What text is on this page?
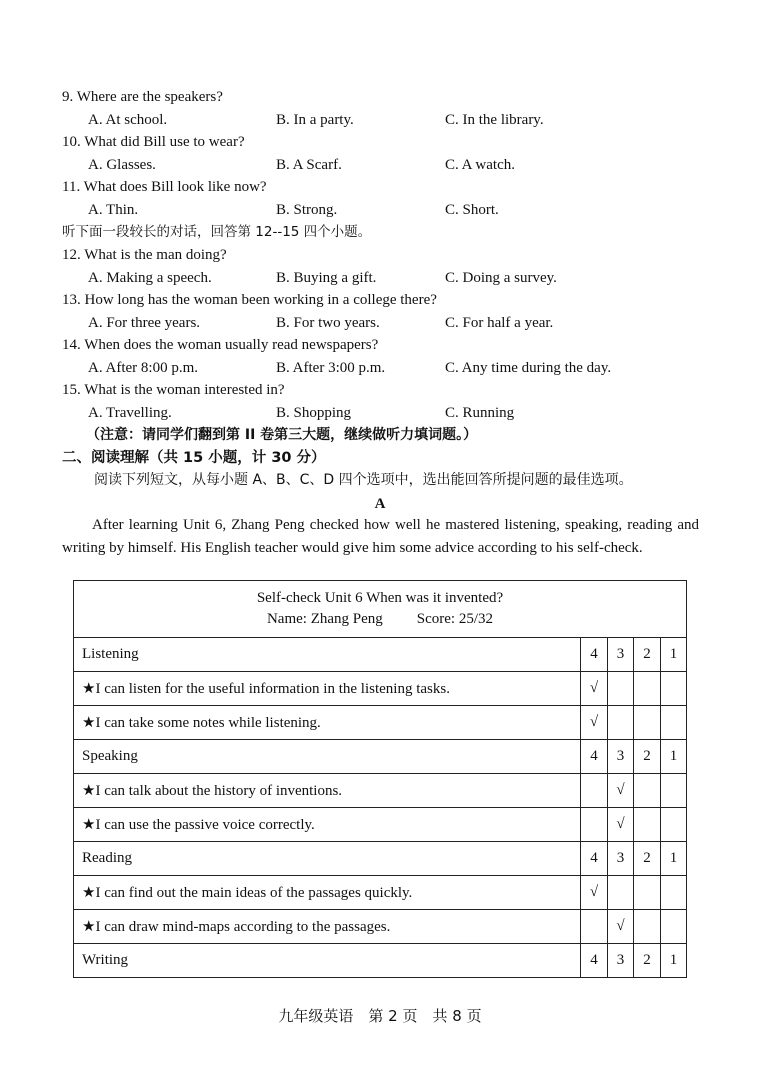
9. Where are the speakers?
A. At school.	B. In a party.	C. In the library.
10. What did Bill use to wear?
A. Glasses.	B. A Scarf.	C. A watch.
11. What does Bill look like now?
A. Thin.	B. Strong.	C. Short.
听下面一段较长的对话，回答第 12--15 四个小题。
12. What is the man doing?
A. Making a speech.	B. Buying a gift.	C. Doing a survey.
13. How long has the woman been working in a college there?
A. For three years.	B. For two years.	C. For half a year.
14. When does the woman usually read newspapers?
A. After 8:00 p.m.	B. After 3:00 p.m.	C. Any time during the day.
15. What is the woman interested in?
A. Travelling.	B. Shopping	C. Running
（注意：请同学们翻到第 II 卷第三大题，继续做听力填词题。）
二、阅读理解（共 15 小题，计 30 分）
阅读下列短文，从每小题 A、B、C、D 四个选项中，选出能回答所提问题的最佳选项。
A
After learning Unit 6, Zhang Peng checked how well he mastered listening, speaking, reading and writing by himself. His English teacher would give him some advice according to his self-check.
Self-check Unit 6 When was it invented?
Name: Zhang Peng Score: 25/32				

Listening	4	3	2	1
★I can listen for the useful information in the listening tasks.	√			
★I can take some notes while listening.	√			
Speaking	4	3	2	1
★I can talk about the history of inventions.		√		
★I can use the passive voice correctly.		√		
Reading	4	3	2	1
★I can find out the main ideas of the passages quickly.	√			
★I can draw mind-maps according to the passages.		√		
Writing	4	3	2	1
九年级英语　第 2 页　共 8 页
